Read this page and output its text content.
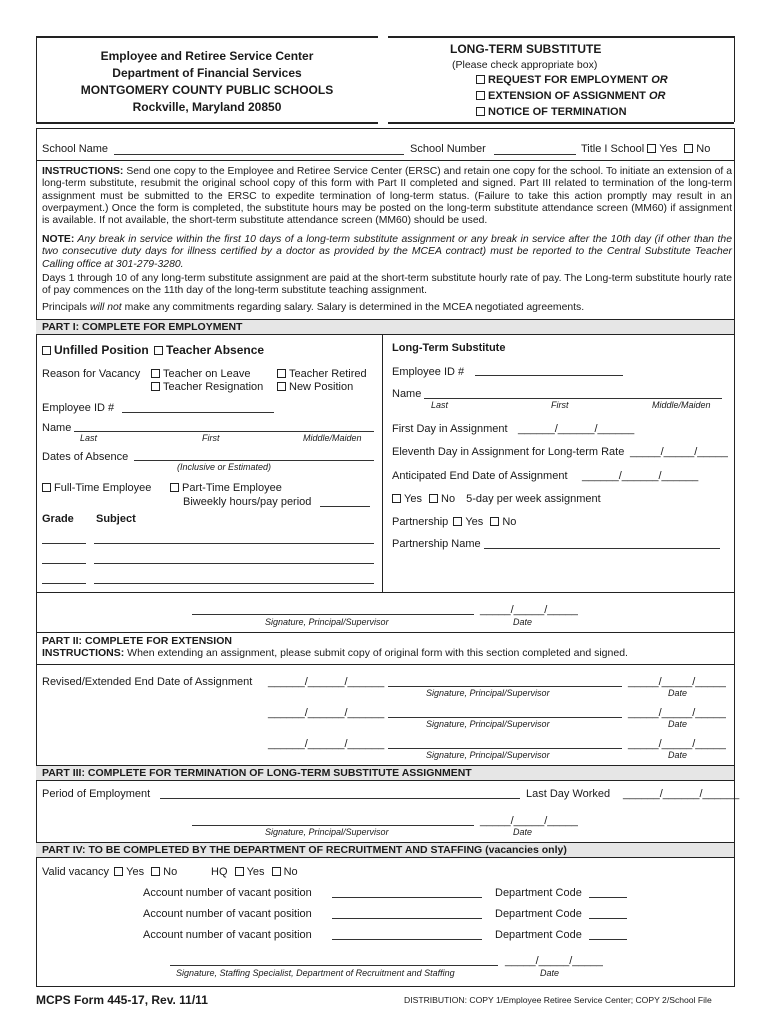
Employee and Retiree Service Center
Department of Financial Services
MONTGOMERY COUNTY PUBLIC SCHOOLS
Rockville, Maryland 20850
LONG-TERM SUBSTITUTE
(Please check appropriate box)
REQUEST FOR EMPLOYMENT OR
EXTENSION OF ASSIGNMENT OR
NOTICE OF TERMINATION
School Name	School Number	Title I School Yes No
INSTRUCTIONS: Send one copy to the Employee and Retiree Service Center (ERSC) and retain one copy for the school. To initiate an extension of a long-term substitute, resubmit the original school copy of this form with Part II completed and signed. Part III related to termination of the long-term assignment must be submitted to the ERSC to expedite termination of long-term status. (Failure to take this action promptly may result in an overpayment.) Once the form is completed, the substitute hours may be posted on the long-term substitute attendance screen (MM60) if assignment is available. If not available, the short-term substitute attendance screen (MM60) should be used.
NOTE: Any break in service within the first 10 days of a long-term substitute assignment or any break in service after the 10th day (if other than the two consecutive duty days for illness certified by a doctor as provided by the MCEA contract) must be reported to the Central Substitute Teacher Calling office at 301-279-3280.
Days 1 through 10 of any long-term substitute assignment are paid at the short-term substitute hourly rate of pay. The Long-term substitute hourly rate of pay commences on the 11th day of the long-term substitute teaching assignment.
Principals will not make any commitments regarding salary. Salary is determined in the MCEA negotiated agreements.
PART I: COMPLETE FOR EMPLOYMENT
Unfilled Position Teacher Absence
Reason for Vacancy	Teacher on Leave	Teacher Retired
Teacher Resignation	New Position
Employee ID #
Name
Last	First	Middle/Maiden
Dates of Absence
(Inclusive or Estimated)
Full-Time Employee	Part-Time Employee
Biweekly hours/pay period
Grade Subject
Long-Term Substitute
Employee ID #
Name
Last	First	Middle/Maiden
First Day in Assignment ______/______/______
Eleventh Day in Assignment for Long-term Rate _____/_____/_____
Anticipated End Date of Assignment ______/______/______
Yes No 5-day per week assignment
Partnership Yes No
Partnership Name
_____/_____/_____
Signature, Principal/Supervisor	Date
PART II: COMPLETE FOR EXTENSION
INSTRUCTIONS: When extending an assignment, please submit copy of original form with this section completed and signed.
Revised/Extended End Date of Assignment ______/______/______	_____/_____/_____
Signature, Principal/Supervisor	Date
______/______/______	_____/_____/_____
Signature, Principal/Supervisor	Date
______/______/______	_____/_____/_____
Signature, Principal/Supervisor	Date
PART III: COMPLETE FOR TERMINATION OF LONG-TERM SUBSTITUTE ASSIGNMENT
Period of Employment	Last Day Worked ______/______/______
_____/_____/_____
Signature, Principal/Supervisor	Date
PART IV: TO BE COMPLETED BY THE DEPARTMENT OF RECRUITMENT AND STAFFING (vacancies only)
Valid vacancy Yes No	HQ Yes No
Account number of vacant position	Department Code
Account number of vacant position	Department Code
Account number of vacant position	Department Code
_____/_____/_____
Signature, Staffing Specialist, Department of Recruitment and Staffing	Date
MCPS Form 445-17, Rev. 11/11	DISTRIBUTION: COPY 1/Employee Retiree Service Center; COPY 2/School File
